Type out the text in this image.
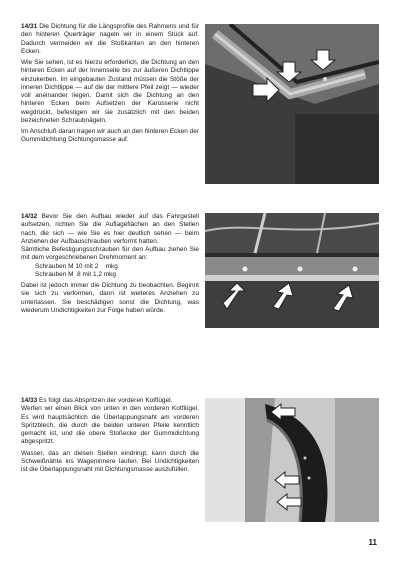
14/31 Die Dichtung für die Längsprofile des Rahmens und für den hinteren Querträger nageln wir in einem Stück auf. Dadurch vermeiden wir die Stoßkanten an den hinteren Ecken.

Wie Sie sehen, ist es hierzu erforderlich, die Dichtung an den hinteren Ecken auf der Innenseite bis zur äußeren Dichtlippe einzukerben. Im eingebauten Zustand müssen die Stöße der inneren Dichtlippe — auf die der mittlere Pfeil zeigt — wieder voll aneinander liegen. Damit sich die Dichtung an den hinteren Ecken beim Aufsetzen der Karosserie nicht wegdrückt, befestigen wir sie zusätzlich mit den beiden bezeichneten Schraubnägeln.

Im Anschluß daran tragen wir auch an den hinteren Ecken der Gummidichtung Dichtungsmasse auf.

14/32 Bevor Sie den Aufbau wieder auf das Fahrgestell aufsetzen, richten Sie die Auflageflächen an den Stellen nach, die sich — wie Sie es hier deutlich sehen — beim Anziehen der Aufbauschrauben verformt hatten.
Sämtliche Befestigungsschrauben für den Aufbau ziehen Sie mit dem vorgeschriebenen Drehmoment an:
Schrauben M 10 mit 2    mkg
Schrauben M  8 mit 1,2 mkg

Dabei ist jedoch immer die Dichtung zu beobachten. Beginnt sie sich zu verformen, dann ist weiteres Anziehen zu unterlassen. Sie beschädigen sonst die Dichtung, was wiederum Undichtigkeiten zur Folge haben würde.

14/33 Es folgt das Abspritzen der vorderen Kotflügel.
Werfen wir einen Blick von unten in den vorderen Kotflügel. Es wird hauptsächlich die Überlappungsnaht am vorderen Spritzblech, die durch die beiden unteren Pfeile kenntlich gemacht ist, und die obere Stoßecke der Gummidichtung abgespritzt.

Wasser, das an diesen Stellen eindringt, kann durch die Schweißnähte ins Wageninnere laufen. Bei Undichtigkeiten ist die Überlappungsnaht mit Dichtungsmasse auszufüllen.

11
